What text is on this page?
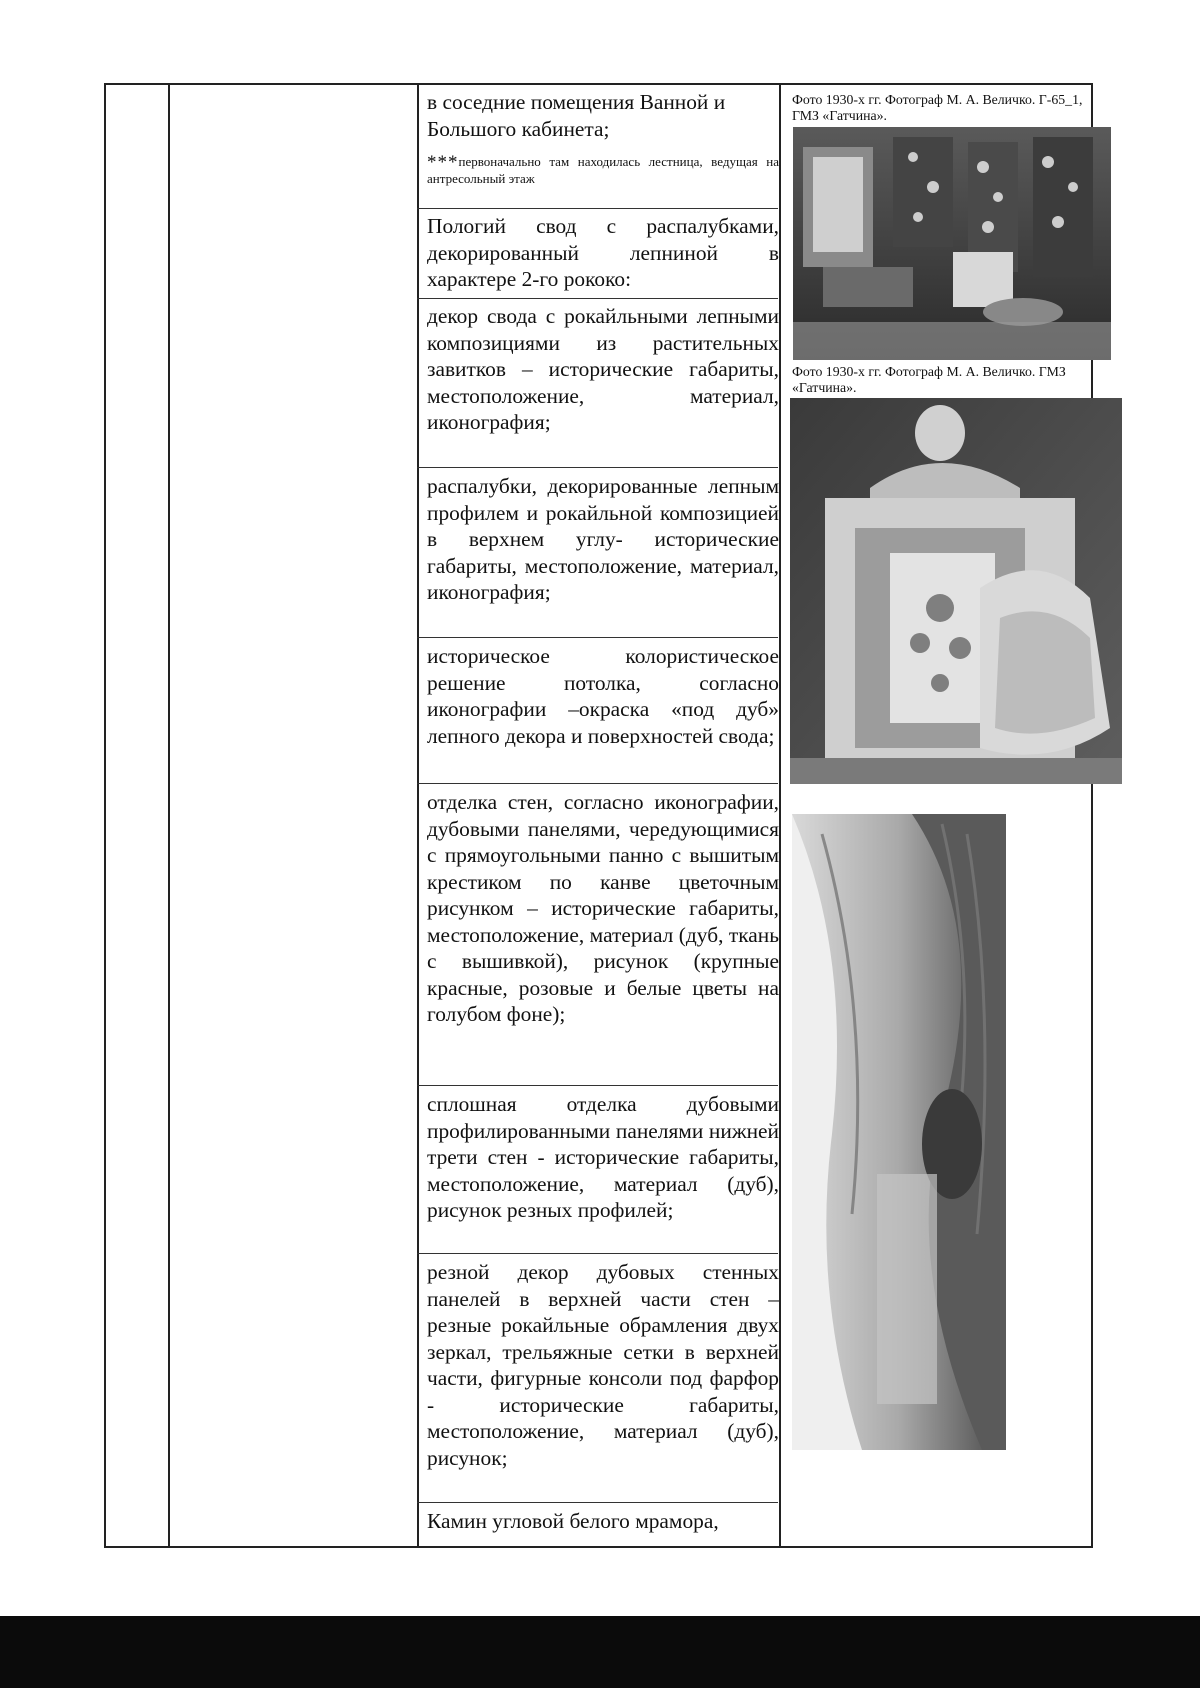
в соседние помещения Ванной и Большого кабинета;
***первоначально там находилась лестница, ведущая на антресольный этаж
Пологий свод с распалубками, декорированный лепниной в характере 2-го рококо:
декор свода с рокайльными лепными композициями из растительных завитков – исторические габариты, местоположение, материал, иконография;
распалубки, декорированные лепным профилем и рокайльной композицией в верхнем углу- исторические габариты, местоположение, материал, иконография;
историческое колористическое решение потолка, согласно иконографии –окраска «под дуб» лепного декора и поверхностей свода;
отделка стен, согласно иконографии, дубовыми панелями, чередующимися с прямоугольными панно с вышитым крестиком по канве цветочным рисунком – исторические габариты, местоположение, материал (дуб, ткань с вышивкой), рисунок (крупные красные, розовые и белые цветы на голубом фоне);
сплошная отделка дубовыми профилированными панелями нижней трети стен - исторические габариты, местоположение, материал (дуб), рисунок резных профилей;
резной декор дубовых стенных панелей в верхней части стен – резные рокайльные обрамления двух зеркал, трельяжные сетки в верхней части, фигурные консоли под фарфор - исторические габариты, местоположение, материал (дуб), рисунок;
Камин угловой белого мрамора,
Фото 1930-х гг. Фотограф М. А. Величко. Г-65_1, ГМЗ «Гатчина».
Фото 1930-х гг. Фотограф М. А. Величко. ГМЗ «Гатчина».
